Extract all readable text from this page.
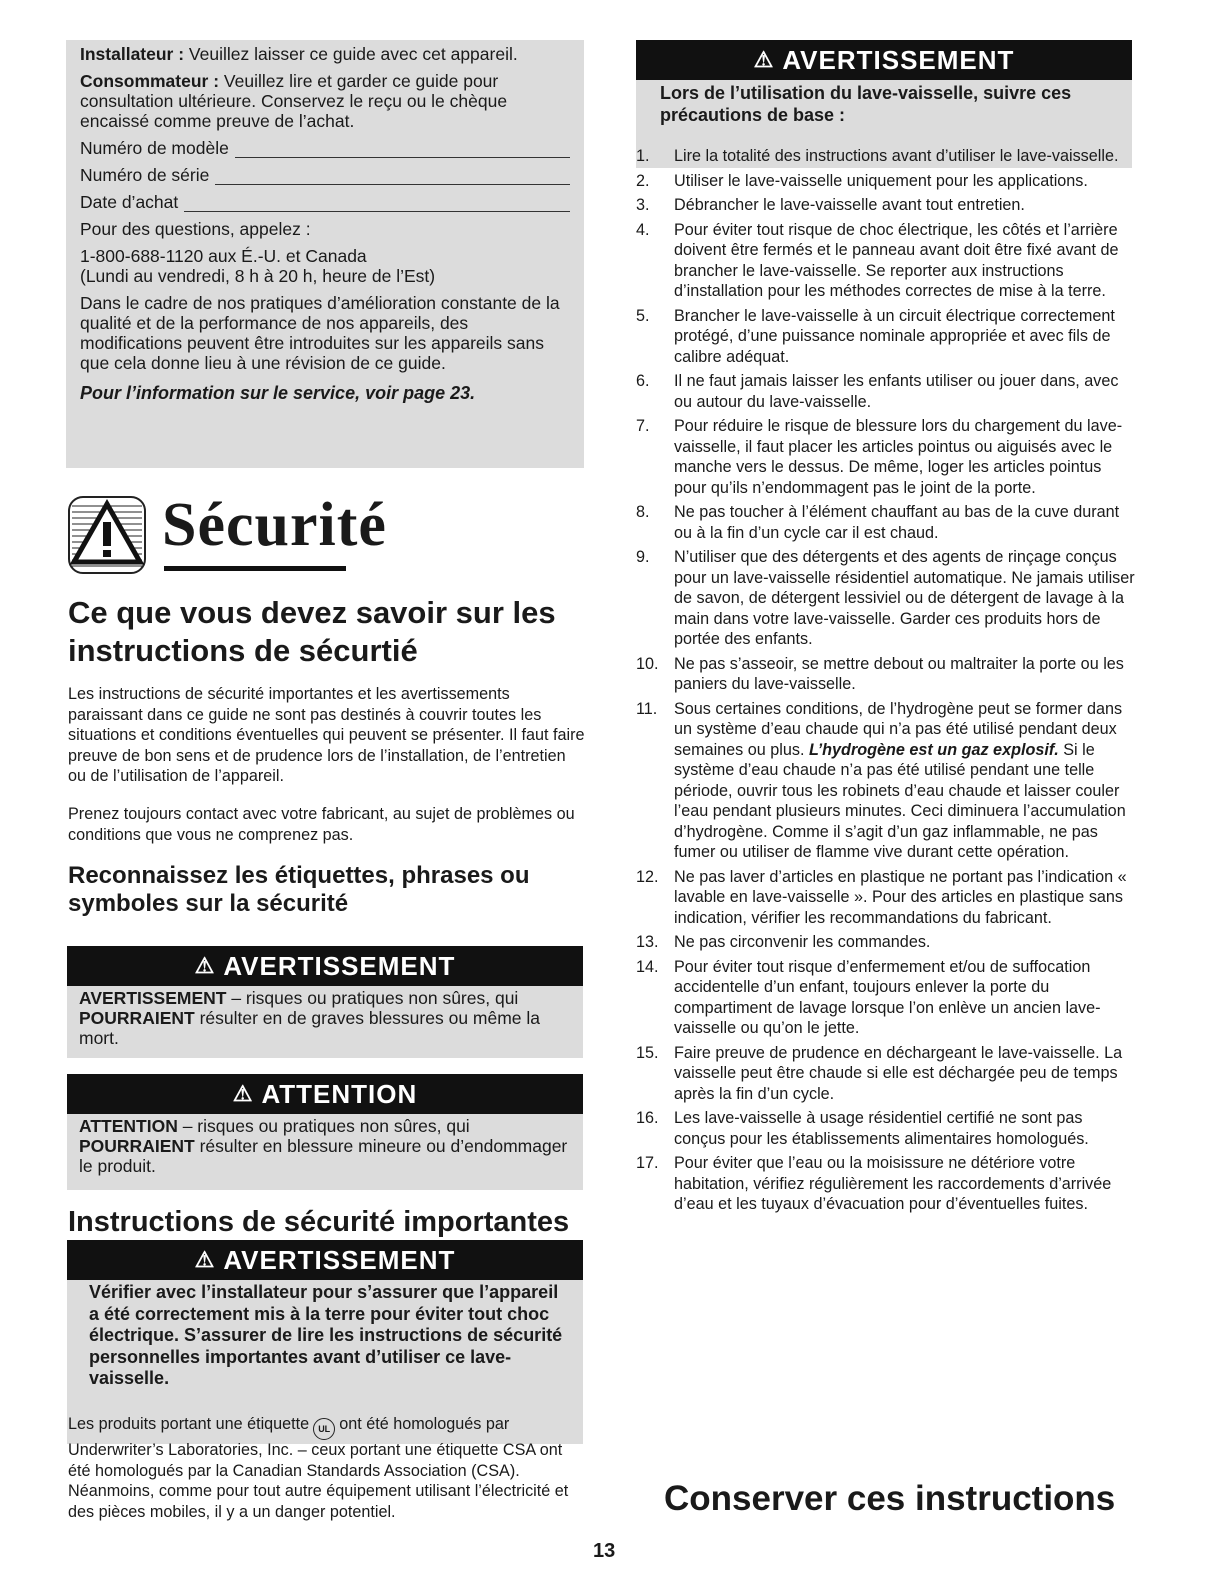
Installateur : Veuillez laisser ce guide avec cet appareil.

Consommateur : Veuillez lire et garder ce guide pour consultation ultérieure. Conservez le reçu ou le chèque encaissé comme preuve de l’achat.

Numéro de modèle
Numéro de série
Date d’achat

Pour des questions, appelez :

1-800-688-1120 aux É.-U. et Canada

(Lundi au vendredi, 8 h à 20 h, heure de l’Est)

Dans le cadre de nos pratiques d’amélioration constante de la qualité et de la performance de nos appareils, des modifications peuvent être introduites sur les appareils sans que cela donne lieu à une révision de ce guide.

Pour l’information sur le service, voir page 23.

Sécurité
Ce que vous devez savoir sur les instructions de sécurtié
Les instructions de sécurité importantes et les avertissements paraissant dans ce guide ne sont pas destinés à couvrir toutes les situations et conditions éventuelles qui peuvent se présenter. Il faut faire preuve de bon sens et de prudence lors de l’installation, de l’entretien ou de l’utilisation de l’appareil.
Prenez toujours contact avec votre fabricant, au sujet de problèmes ou conditions que vous ne comprenez pas.
Reconnaissez les étiquettes, phrases ou symboles sur la sécurité
⚠ AVERTISSEMENT
AVERTISSEMENT – risques ou pratiques non sûres, qui POURRAIENT résulter en de graves blessures ou même la mort.
⚠ ATTENTION
ATTENTION – risques ou pratiques non sûres, qui POURRAIENT résulter en blessure mineure ou d’endommager le produit.
Instructions de sécurité importantes
⚠ AVERTISSEMENT
Vérifier avec l’installateur pour s’assurer que l’appareil a été correctement mis à la terre pour éviter tout choc électrique. S’assurer de lire les instructions de sécurité personnelles importantes avant d’utiliser ce lave-vaisselle.
Les produits portant une étiquette UL ont été homologués par Underwriter’s Laboratories, Inc. – ceux portant une étiquette CSA ont été homologués par la Canadian Standards Association (CSA). Néanmoins, comme pour tout autre équipement utilisant l’électricité et des pièces mobiles, il y a un danger potentiel.
13
⚠ AVERTISSEMENT
Lors de l’utilisation du lave-vaisselle, suivre ces précautions de base :
1.	Lire la totalité des instructions avant d’utiliser le lave-vaisselle.
2.	Utiliser le lave-vaisselle uniquement pour les applications.
3.	Débrancher le lave-vaisselle avant tout entretien.
4.	Pour éviter tout risque de choc électrique, les côtés et l’arrière doivent être fermés et le panneau avant doit être fixé avant de brancher le lave-vaisselle. Se reporter aux instructions d’installation pour les méthodes correctes de mise à la terre.
5.	Brancher le lave-vaisselle à un circuit électrique correctement protégé, d’une puissance nominale appropriée et avec fils de calibre adéquat.
6.	Il ne faut jamais laisser les enfants utiliser ou jouer dans, avec ou autour du lave-vaisselle.
7.	Pour réduire le risque de blessure lors du chargement du lave-vaisselle, il faut placer les articles pointus ou aiguisés avec le manche vers le dessus. De même, loger les articles pointus pour qu’ils n’endommagent pas le joint de la porte.
8.	Ne pas toucher à l’élément chauffant au bas de la cuve durant ou à la fin d’un cycle car il est chaud.
9.	N’utiliser que des détergents et des agents de rinçage conçus pour un lave-vaisselle résidentiel automatique. Ne jamais utiliser de savon, de détergent lessiviel ou de détergent de lavage à la main dans votre lave-vaisselle. Garder ces produits hors de portée des enfants.
10. Ne pas s’asseoir, se mettre debout ou maltraiter la porte ou les paniers du lave-vaisselle.
11.	Sous certaines conditions, de l’hydrogène peut se former dans un système d’eau chaude qui n’a pas été utilisé pendant deux semaines ou plus. L’hydrogène est un gaz explosif. Si le système d’eau chaude n’a pas été utilisé pendant une telle période, ouvrir tous les robinets d’eau chaude et laisser couler l’eau pendant plusieurs minutes. Ceci diminuera l’accumulation d’hydrogène. Comme il s’agit d’un gaz inflammable, ne pas fumer ou utiliser de flamme vive durant cette opération.
12. Ne pas laver d’articles en plastique ne portant pas l’indication « lavable en lave-vaisselle ». Pour des articles en plastique sans indication, vérifier les recommandations du fabricant.
13. Ne pas circonvenir les commandes.
14. Pour éviter tout risque d’enfermement et/ou de suffocation accidentelle d’un enfant, toujours enlever la porte du compartiment de lavage lorsque l’on enlève un ancien lave-vaisselle ou qu’on le jette.
15. Faire preuve de prudence en déchargeant le lave-vaisselle. La vaisselle peut être chaude si elle est déchargée peu de temps après la fin d’un cycle.
16. Les lave-vaisselle à usage résidentiel certifié ne sont pas conçus pour les établissements alimentaires homologués.
17. Pour éviter que l’eau ou la moisissure ne détériore votre habitation, vérifiez régulièrement les raccordements d’arrivée d’eau et les tuyaux d’évacuation pour d’éventuelles fuites.
Conserver ces instructions
